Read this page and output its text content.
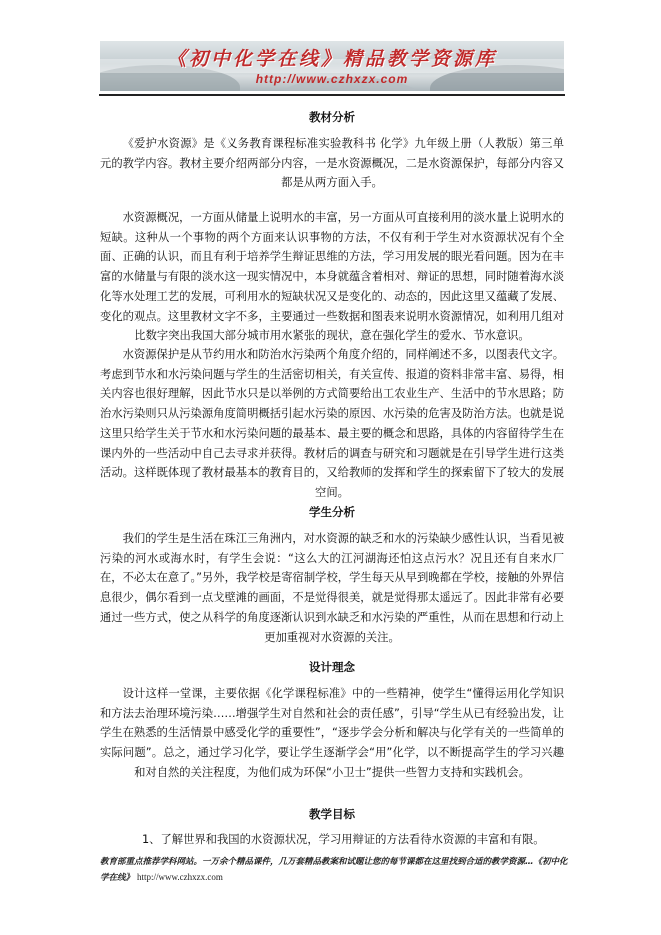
《初中化学在线》精品教学资源库
http://www.czhxzx.com
教材分析

《爱护水资源》是《义务教育课程标准实验教科书 化学》九年级上册（人教版）第三单元的教学内容。教材主要介绍两部分内容，一是水资源概况，二是水资源保护，每部分内容又都是从两方面入手。

水资源概况，一方面从储量上说明水的丰富，另一方面从可直接利用的淡水量上说明水的短缺。这种从一个事物的两个方面来认识事物的方法，不仅有利于学生对水资源状况有个全面、正确的认识，而且有利于培养学生辩证思维的方法，学习用发展的眼光看问题。因为在丰富的水储量与有限的淡水这一现实情况中，本身就蕴含着相对、辩证的思想，同时随着海水淡化等水处理工艺的发展，可利用水的短缺状况又是变化的、动态的，因此这里又蕴藏了发展、变化的观点。这里教材文字不多，主要通过一些数据和图表来说明水资源情况，如利用几组对比数字突出我国大部分城市用水紧张的现状，意在强化学生的爱水、节水意识。

水资源保护是从节约用水和防治水污染两个角度介绍的，同样阐述不多，以图表代文字。考虑到节水和水污染问题与学生的生活密切相关，有关宣传、报道的资料非常丰富、易得，相关内容也很好理解，因此节水只是以举例的方式简要给出工农业生产、生活中的节水思路；防治水污染则只从污染源角度简明概括引起水污染的原因、水污染的危害及防治方法。也就是说这里只给学生关于节水和水污染问题的最基本、最主要的概念和思路，具体的内容留待学生在课内外的一些活动中自己去寻求并获得。教材后的调查与研究和习题就是在引导学生进行这类活动。这样既体现了教材最基本的教育目的，又给教师的发挥和学生的探索留下了较大的发展空间。

学生分析

我们的学生是生活在珠江三角洲内，对水资源的缺乏和水的污染缺少感性认识，当看见被污染的河水或海水时，有学生会说：“这么大的江河湖海还怕这点污水？况且还有自来水厂在，不必太在意了。”另外，我学校是寄宿制学校，学生每天从早到晚都在学校，接触的外界信息很少，偶尔看到一点戈壁滩的画面，不是觉得很美，就是觉得那太遥远了。因此非常有必要通过一些方式，使之从科学的角度逐渐认识到水缺乏和水污染的严重性，从而在思想和行动上更加重视对水资源的关注。

设计理念

设计这样一堂课，主要依据《化学课程标准》中的一些精神，使学生“懂得运用化学知识和方法去治理环境污染……增强学生对自然和社会的责任感”，引导“学生从已有经验出发，让学生在熟悉的生活情景中感受化学的重要性”，“逐步学会分析和解决与化学有关的一些简单的实际问题”。总之，通过学习化学，要让学生逐渐学会“用”化学，以不断提高学生的学习兴趣和对自然的关注程度，为他们成为环保“小卫士”提供一些智力支持和实践机会。

教学目标

1、了解世界和我国的水资源状况，学习用辩证的方法看待水资源的丰富和有限。

教育部重点推荐学科网站。一万余个精品课件，几万套精品教案和试题让您的每节课都在这里找到合适的教学资源…《初中化学在线》 http://www.czhxzx.com
